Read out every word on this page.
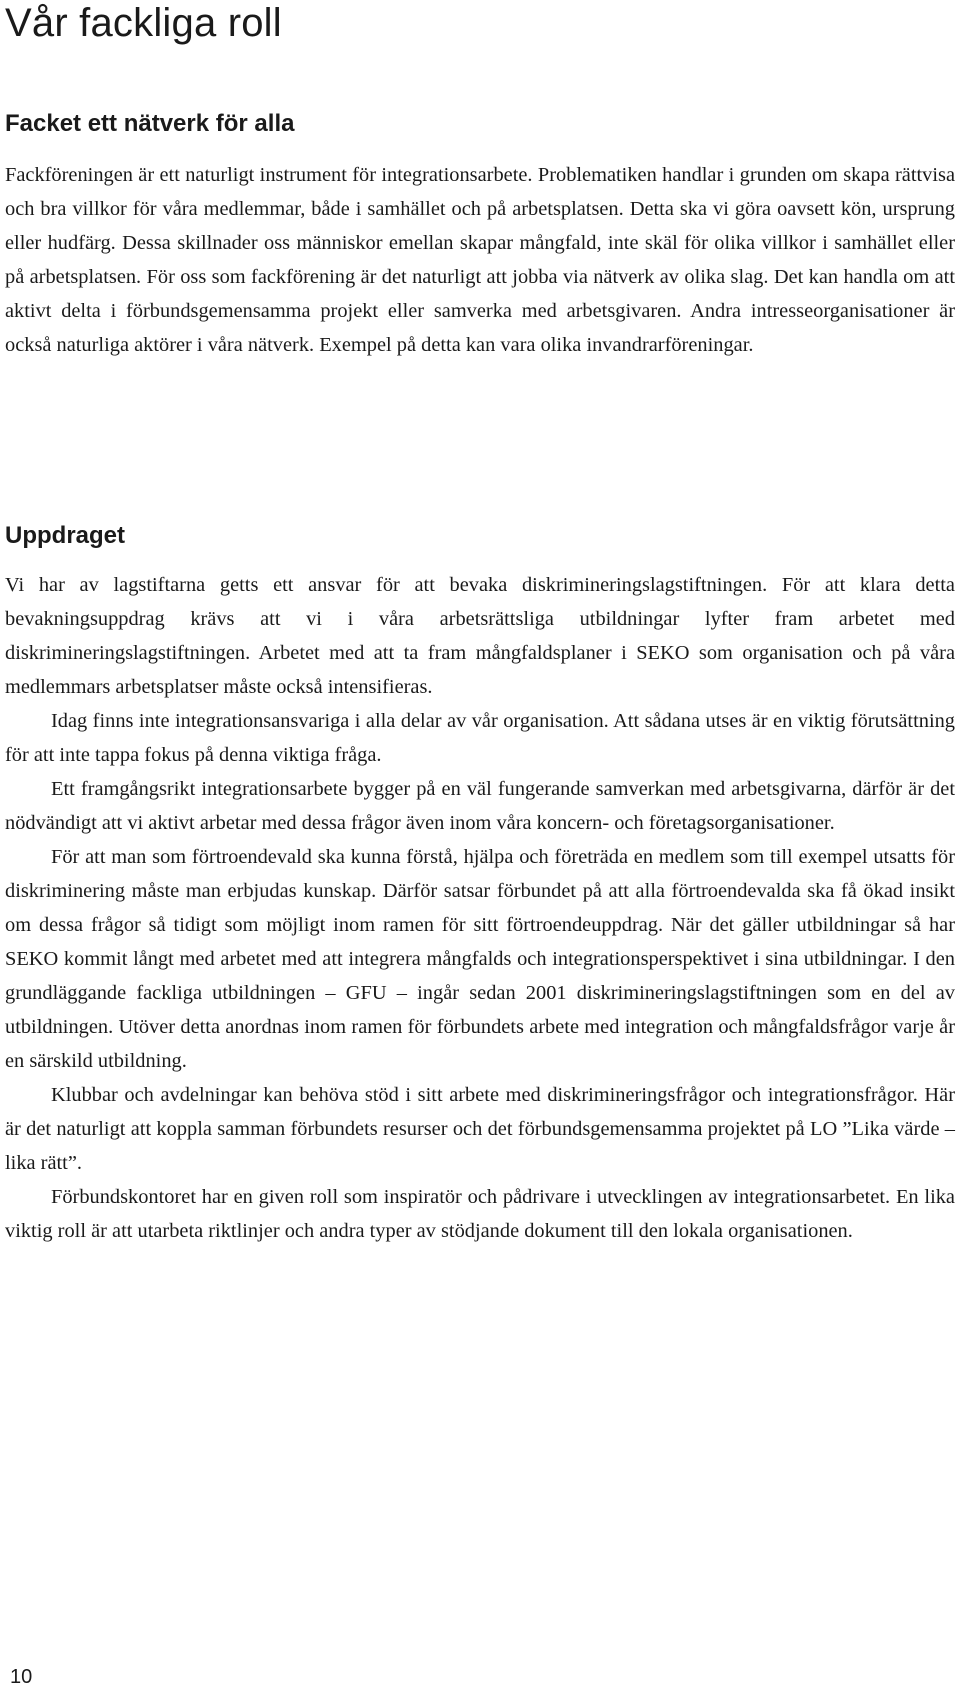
Vår fackliga roll
Facket ett nätverk för alla

Fackföreningen är ett naturligt instrument för integrationsarbete. Problematiken handlar i grunden om skapa rättvisa och bra villkor för våra medlemmar, både i samhället och på arbetsplatsen. Detta ska vi göra oavsett kön, ursprung eller hudfärg. Dessa skillnader oss människor emellan skapar mångfald, inte skäl för olika villkor i samhället eller på arbetsplatsen. För oss som fackförening är det naturligt att jobba via nätverk av olika slag. Det kan handla om att aktivt delta i förbundsgemensamma projekt eller samverka med arbetsgivaren. Andra intresseorganisationer är också naturliga aktörer i våra nätverk. Exempel på detta kan vara olika invandrarföreningar.

Uppdraget

Vi har av lagstiftarna getts ett ansvar för att bevaka diskrimineringslagstiftningen. För att klara detta bevakningsuppdrag krävs att vi i våra arbetsrättsliga utbildningar lyfter fram arbetet med diskrimineringslagstiftningen. Arbetet med att ta fram mångfaldsplaner i SEKO som organisation och på våra medlemmars arbetsplatser måste också intensifieras.

Idag finns inte integrationsansvariga i alla delar av vår organisation. Att sådana utses är en viktig förutsättning för att inte tappa fokus på denna viktiga fråga.

Ett framgångsrikt integrationsarbete bygger på en väl fungerande samverkan med arbetsgivarna, därför är det nödvändigt att vi aktivt arbetar med dessa frågor även inom våra koncern- och företagsorganisationer.

För att man som förtroendevald ska kunna förstå, hjälpa och företräda en medlem som till exempel utsatts för diskriminering måste man erbjudas kunskap. Därför satsar förbundet på att alla förtroendevalda ska få ökad insikt om dessa frågor så tidigt som möjligt inom ramen för sitt förtroendeuppdrag. När det gäller utbildningar så har SEKO kommit långt med arbetet med att integrera mångfalds och integrationsperspektivet i sina utbildningar. I den grundläggande fackliga utbildningen – GFU – ingår sedan 2001 diskrimineringslagstiftningen som en del av utbildningen. Utöver detta anordnas inom ramen för förbundets arbete med integration och mångfaldsfrågor varje år en särskild utbildning.

Klubbar och avdelningar kan behöva stöd i sitt arbete med diskrimineringsfrågor och integrationsfrågor. Här är det naturligt att koppla samman förbundets resurser och det förbundsgemensamma projektet på LO ”Lika värde – lika rätt”.

Förbundskontoret har en given roll som inspiratör och pådrivare i utvecklingen av integrationsarbetet. En lika viktig roll är att utarbeta riktlinjer och andra typer av stödjande dokument till den lokala organisationen.

10
